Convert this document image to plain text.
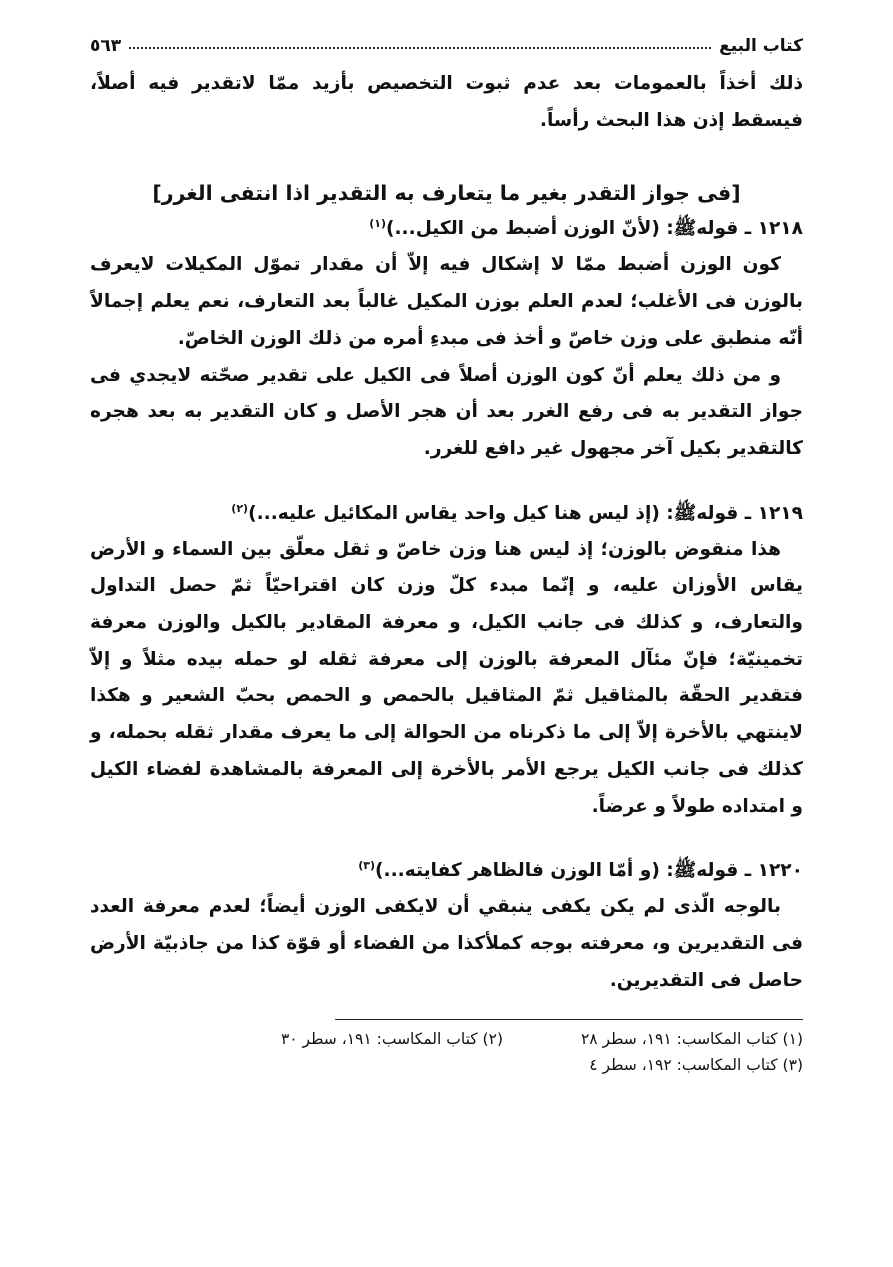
كتاب البيع
٥٦٣

ذلك أخذاً بالعمومات بعد عدم ثبوت التخصيص بأزيد ممّا لاتقدير فيه أصلاً، فيسقط إذن هذا البحث رأساً.

[فى جواز التقدر بغير ما يتعارف به التقدير اذا انتفى الغرر]
١٢١٨ ـ قوله‌ﷺ: (لأنّ الوزن أضبط من الكيل...)$^{(١)}$

كون الوزن أضبط ممّا لا إشكال فيه إلاّ أن مقدار تموّل المكيلات لايعرف بالوزن فى الأغلب؛ لعدم العلم بوزن المكيل غالباً بعد التعارف، نعم يعلم إجمالاً أنّه منطبق على وزن خاصّ و أخذ فى مبدءِ أمره من ذلك الوزن الخاصّ.

و من ذلك يعلم أنّ كون الوزن أصلاً فى الكيل على تقدير صحّته لايجدي فى جواز التقدير به فى رفع الغرر بعد أن هجر الأصل و كان التقدير به بعد هجره كالتقدير بكيل آخر مجهول غير دافع للغرر.

١٢١٩ ـ قوله‌ﷺ: (إذ ليس هنا كيل واحد يقاس المكائيل عليه...)$^{(٢)}$

هذا منقوض بالوزن؛ إذ ليس هنا وزن خاصّ و ثقل معلّق بين السماء و الأرض يقاس الأوزان عليه، و إنّما مبدء كلّ وزن كان اقتراحيّاً ثمّ حصل التداول والتعارف، و كذلك فى جانب الكيل، و معرفة المقادير بالكيل والوزن معرفة تخمينيّة؛ فإنّ مئآل المعرفة بالوزن إلى معرفة ثقله لو حمله بيده مثلاً و إلاّ فتقدير الحقّة بالمثاقيل ثمّ المثاقيل بالحمص و الحمص بحبّ الشعير و هكذا لاينتهي بالأخرة إلاّ إلى ما ذكرناه من الحوالة إلى ما يعرف مقدار ثقله بحمله، و كذلك فى جانب الكيل يرجع الأمر بالأخرة إلى المعرفة بالمشاهدة لفضاء الكيل و امتداده طولاً و عرضاً.

١٢٢٠ ـ قوله‌ﷺ: (و أمّا الوزن فالظاهر كفايته...)$^{(٣)}$

بالوجه الّذى لم يكن يكفى ينبقي أن لايكفى الوزن أيضاً؛ لعدم معرفة العدد فى التقديرين و، معرفته بوجه كملأكذا من الفضاء أو قوّة كذا من جاذبيّة الأرض حاصل فى التقديرين.

(١) كتاب المكاسب: ١٩١، سطر ٢٨
(٢) كتاب المكاسب: ١٩١، سطر ٣٠
(٣) كتاب المكاسب: ١٩٢، سطر ٤
